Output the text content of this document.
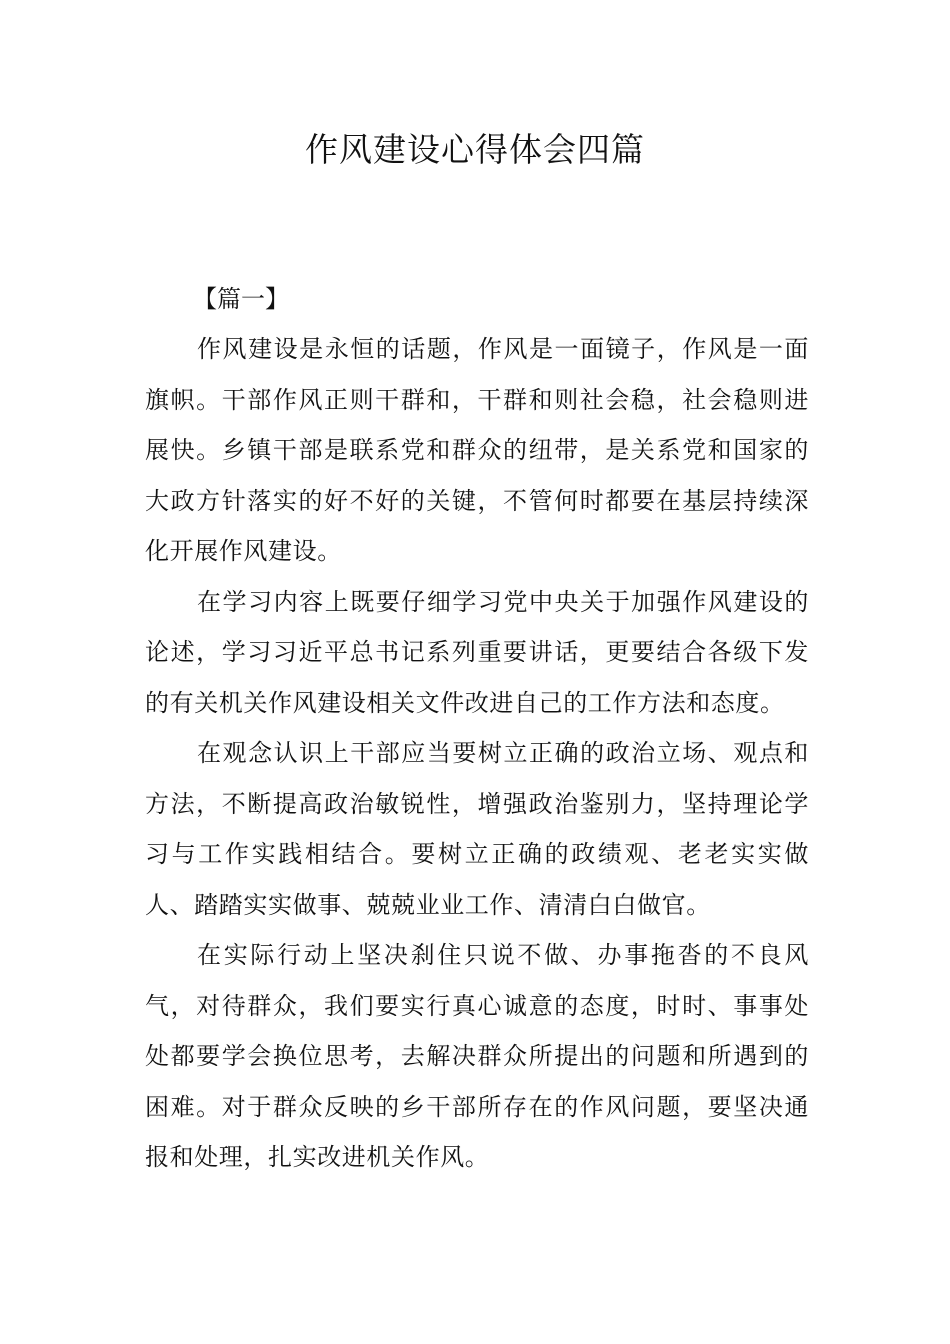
作风建设心得体会四篇

【篇一】

作风建设是永恒的话题，作风是一面镜子，作风是一面旗帜。干部作风正则干群和，干群和则社会稳，社会稳则进展快。乡镇干部是联系党和群众的纽带，是关系党和国家的大政方针落实的好不好的关键，不管何时都要在基层持续深化开展作风建设。

在学习内容上既要仔细学习党中央关于加强作风建设的论述，学习习近平总书记系列重要讲话，更要结合各级下发的有关机关作风建设相关文件改进自己的工作方法和态度。

在观念认识上干部应当要树立正确的政治立场、观点和方法，不断提高政治敏锐性，增强政治鉴别力，坚持理论学习与工作实践相结合。要树立正确的政绩观、老老实实做人、踏踏实实做事、兢兢业业工作、清清白白做官。

在实际行动上坚决刹住只说不做、办事拖沓的不良风气，对待群众，我们要实行真心诚意的态度，时时、事事处处都要学会换位思考，去解决群众所提出的问题和所遇到的困难。对于群众反映的乡干部所存在的作风问题，要坚决通报和处理，扎实改进机关作风。
